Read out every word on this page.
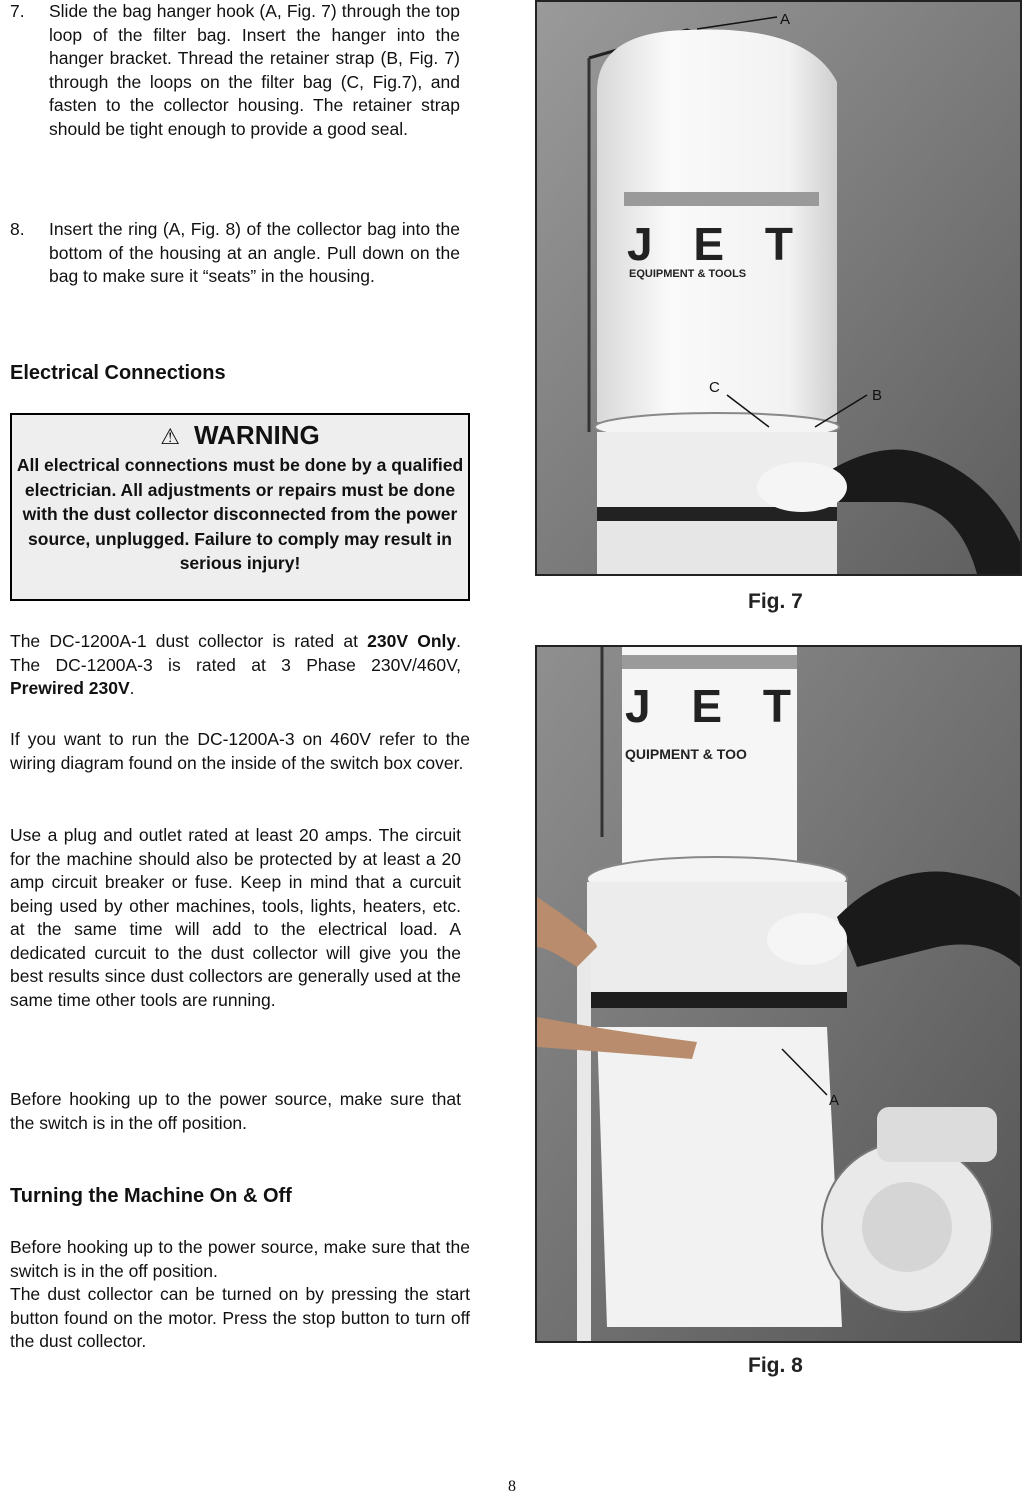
7. Slide the bag hanger hook (A, Fig. 7) through the top loop of the filter bag. Insert the hanger into the hanger bracket. Thread the retainer strap (B, Fig. 7) through the loops on the filter bag (C, Fig.7), and fasten to the collector housing. The retainer strap should be tight enough to provide a good seal.
8. Insert the ring (A, Fig. 8) of the collector bag into the bottom of the housing at an angle. Pull down on the bag to make sure it “seats” in the housing.
Electrical Connections
⚠ WARNING
All electrical connections must be done by a qualified electrician. All adjustments or repairs must be done with the dust collector disconnected from the power source, unplugged. Failure to comply may result in serious injury!
The DC-1200A-1 dust collector is rated at 230V Only. The DC-1200A-3 is rated at 3 Phase 230V/460V, Prewired 230V.
If you want to run the DC-1200A-3 on 460V refer to the wiring diagram found on the inside of the switch box cover.
Use a plug and outlet rated at least 20 amps. The circuit for the machine should also be protected by at least a 20 amp circuit breaker or fuse. Keep in mind that a curcuit being used by other machines, tools, lights, heaters, etc. at the same time will add to the electrical load. A dedicated curcuit to the dust collector will give you the best results since dust collectors are generally used at the same time other tools are running.
Before hooking up to the power source, make sure that the switch is in the off position.
Turning the Machine On & Off
Before hooking up to the power source, make sure that the switch is in the off position.
The dust collector can be turned on by pressing the start button found on the motor. Press the stop button to turn off the dust collector.
J E T
EQUIPMENT & TOOLS
A
B
C
Fig. 7
J E T
QUIPMENT & TOO
A
Fig. 8
8
